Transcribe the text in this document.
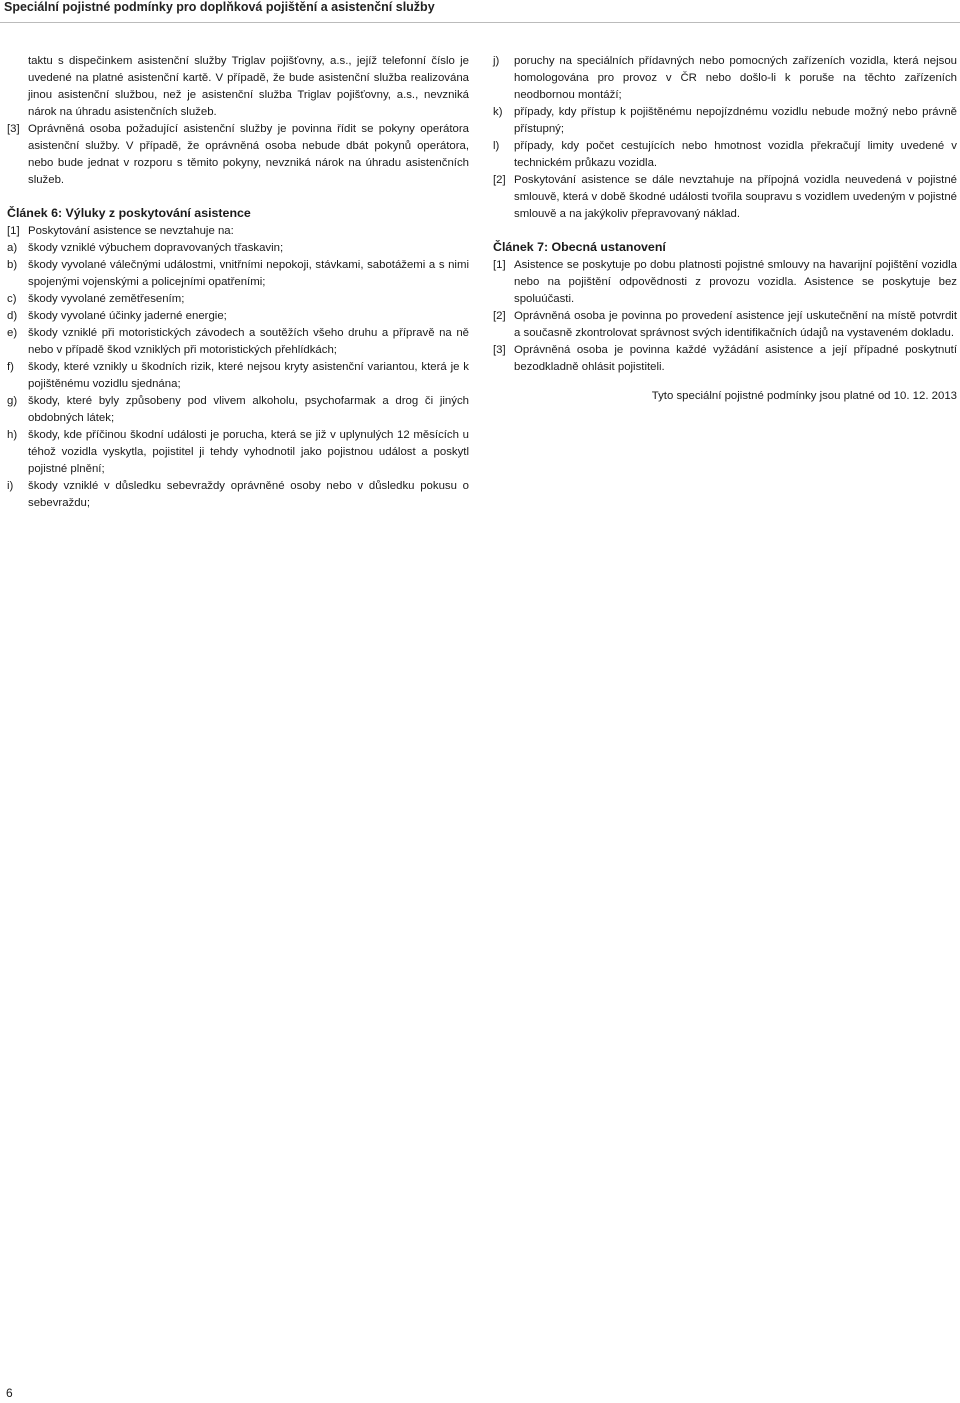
Speciální pojistné podmínky pro doplňková pojištění a asistenční služby

taktu s dispečinkem asistenční služby Triglav pojišťovny, a.s., jejíž telefonní číslo je uvedené na platné asistenční kartě. V případě, že bude asistenční služba realizována jinou asistenční službou, než je asistenční služba Triglav pojišťovny, a.s., nevzniká nárok na úhradu asistenčních služeb.

[3] Oprávněná osoba požadující asistenční služby je povinna řídit se pokyny operátora asistenční služby. V případě, že oprávněná osoba nebude dbát pokynů operátora, nebo bude jednat v rozporu s těmito pokyny, nevzniká nárok na úhradu asistenčních služeb.
Článek 6: Výluky z poskytování asistence
[1] Poskytování asistence se nevztahuje na:
a) škody vzniklé výbuchem dopravovaných třaskavin;
b) škody vyvolané válečnými událostmi, vnitřními nepokoji, stávkami, sabotážemi a s nimi spojenými vojenskými a policejními opatřeními;
c) škody vyvolané zemětřesením;
d) škody vyvolané účinky jaderné energie;
e) škody vzniklé při motoristických závodech a soutěžích všeho druhu a přípravě na ně nebo v případě škod vzniklých při motoristických přehlídkách;
f) škody, které vznikly u škodních rizik, které nejsou kryty asistenční variantou, která je k pojištěnému vozidlu sjednána;
g) škody, které byly způsobeny pod vlivem alkoholu, psychofarmak a drog či jiných obdobných látek;
h) škody, kde příčinou škodní události je porucha, která se již v uplynulých 12 měsících u téhož vozidla vyskytla, pojistitel ji tehdy vyhodnotil jako pojistnou událost a poskytl pojistné plnění;
i) škody vzniklé v důsledku sebevraždy oprávněné osoby nebo v důsledku pokusu o sebevraždu;
j) poruchy na speciálních přídavných nebo pomocných zařízeních vozidla, která nejsou homologována pro provoz v ČR nebo došlo-li k poruše na těchto zařízeních neodbornou montáží;
k) případy, kdy přístup k pojištěnému nepojízdnému vozidlu nebude možný nebo právně přístupný;
l) případy, kdy počet cestujících nebo hmotnost vozidla překračují limity uvedené v technickém průkazu vozidla.
[2] Poskytování asistence se dále nevztahuje na přípojná vozidla neuvedená v pojistné smlouvě, která v době škodné události tvořila soupravu s vozidlem uvedeným v pojistné smlouvě a na jakýkoliv přepravovaný náklad.
Článek 7: Obecná ustanovení
[1] Asistence se poskytuje po dobu platnosti pojistné smlouvy na havarijní pojištění vozidla nebo na pojištění odpovědnosti z provozu vozidla. Asistence se poskytuje bez spoluúčasti.
[2] Oprávněná osoba je povinna po provedení asistence její uskutečnění na místě potvrdit a současně zkontrolovat správnost svých identifikačních údajů na vystaveném dokladu.
[3] Oprávněná osoba je povinna každé vyžádání asistence a její případné poskytnutí bezodkladně ohlásit pojistiteli.
Tyto speciální pojistné podmínky jsou platné od 10. 12. 2013
6
